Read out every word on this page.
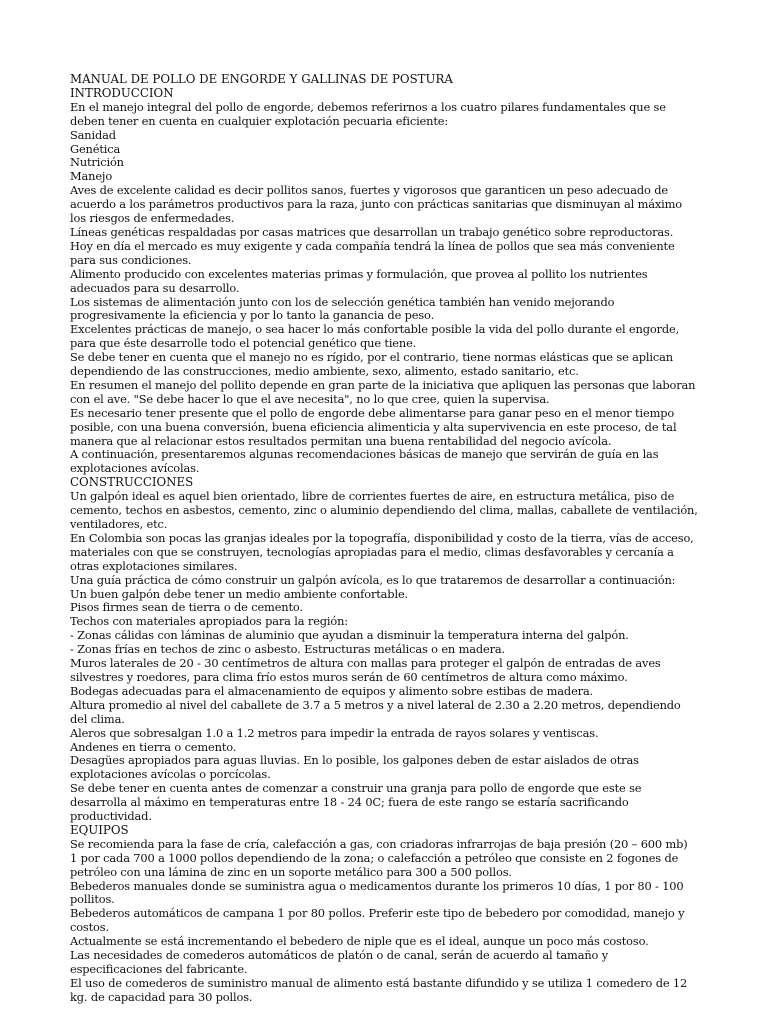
MANUAL DE POLLO DE ENGORDE Y GALLINAS DE POSTURA

INTRODUCCION

En el manejo integral del pollo de engorde, debemos referirnos a los cuatro pilares fundamentales que se deben tener en cuenta en cualquier explotación pecuaria eficiente:

Sanidad

Genética

Nutrición

Manejo

Aves de excelente calidad es decir pollitos sanos, fuertes y vigorosos que garanticen un peso adecuado de acuerdo a los parámetros productivos para la raza, junto con prácticas sanitarias que disminuyan al máximo los riesgos de enfermedades.

Líneas genéticas respaldadas por casas matrices que desarrollan un trabajo genético sobre reproductoras. Hoy en día el mercado es muy exigente y cada compañía tendrá la línea de pollos que sea más conveniente para sus condiciones.

Alimento producido con excelentes materias primas y formulación, que provea al pollito los nutrientes adecuados para su desarrollo.

Los sistemas de alimentación junto con los de selección genética también han venido mejorando progresivamente la eficiencia y por lo tanto la ganancia de peso.

Excelentes prácticas de manejo, o sea hacer lo más confortable posible la vida del pollo durante el engorde, para que éste desarrolle todo el potencial genético que tiene.

Se debe tener en cuenta que el manejo no es rígido, por el contrario, tiene normas elásticas que se aplican dependiendo de las construcciones, medio ambiente, sexo, alimento, estado sanitario, etc.

En resumen el manejo del pollito depende en gran parte de la iniciativa que apliquen las personas que laboran con el ave. "Se debe hacer lo que el ave necesita", no lo que cree, quien la supervisa.

Es necesario tener presente que el pollo de engorde debe alimentarse para ganar peso en el menor tiempo posible, con una buena conversión, buena eficiencia alimenticia y alta supervivencia en este proceso, de tal manera que al relacionar estos resultados permitan una buena rentabilidad del negocio avícola.

A continuación, presentaremos algunas recomendaciones básicas de manejo que servirán de guía en las explotaciones avícolas.

CONSTRUCCIONES

Un galpón ideal es aquel bien orientado, libre de corrientes fuertes de aire, en estructura metálica, piso de cemento, techos en asbestos, cemento, zinc o aluminio dependiendo del clima, mallas, caballete de ventilación, ventiladores, etc.

En Colombia son pocas las granjas ideales por la topografía, disponibilidad y costo de la tierra, vías de acceso, materiales con que se construyen, tecnologías apropiadas para el medio, climas desfavorables y cercanía a otras explotaciones similares.

Una guía práctica de cómo construir un galpón avícola, es lo que trataremos de desarrollar a continuación:

Un buen galpón debe tener un medio ambiente confortable.

Pisos firmes sean de tierra o de cemento.

Techos con materiales apropiados para la región:

- Zonas cálidas con láminas de aluminio que ayudan a disminuir la temperatura interna del galpón.

- Zonas frías en techos de zinc o asbesto. Estructuras metálicas o en madera.

Muros laterales de 20 - 30 centímetros de altura con mallas para proteger el galpón de entradas de aves silvestres y roedores, para clima frío estos muros serán de 60 centímetros de altura como máximo.

Bodegas adecuadas para el almacenamiento de equipos y alimento sobre estibas de madera.

Altura promedio al nivel del caballete de 3.7 a 5 metros y a nivel lateral de 2.30 a 2.20 metros, dependiendo del clima.

Aleros que sobresalgan 1.0 a 1.2 metros para impedir la entrada de rayos solares y ventiscas.

Andenes en tierra o cemento.

Desagües apropiados para aguas lluvias. En lo posible, los galpones deben de estar aislados de otras explotaciones avícolas o porcícolas.

Se debe tener en cuenta antes de comenzar a construir una granja para pollo de engorde que este se desarrolla al máximo en temperaturas entre 18 - 24 0C; fuera de este rango se estaría sacrificando productividad.

EQUIPOS

Se recomienda para la fase de cría, calefacción a gas, con criadoras infrarrojas de baja presión (20 – 600 mb) 1 por cada 700 a 1000 pollos dependiendo de la zona; o calefacción a petróleo que consiste en 2 fogones de petróleo con una lámina de zinc en un soporte metálico para 300 a 500 pollos.

Bebederos manuales donde se suministra agua o medicamentos durante los primeros 10 días, 1 por 80 - 100 pollitos.

Bebederos automáticos de campana 1 por 80 pollos. Preferir este tipo de bebedero por comodidad, manejo y costos.

Actualmente se está incrementando el bebedero de niple que es el ideal, aunque un poco más costoso.

Las necesidades de comederos automáticos de platón o de canal, serán de acuerdo al tamaño y especificaciones del fabricante.

El uso de comederos de suministro manual de alimento está bastante difundido y se utiliza 1 comedero de 12 kg. de capacidad para 30 pollos.
